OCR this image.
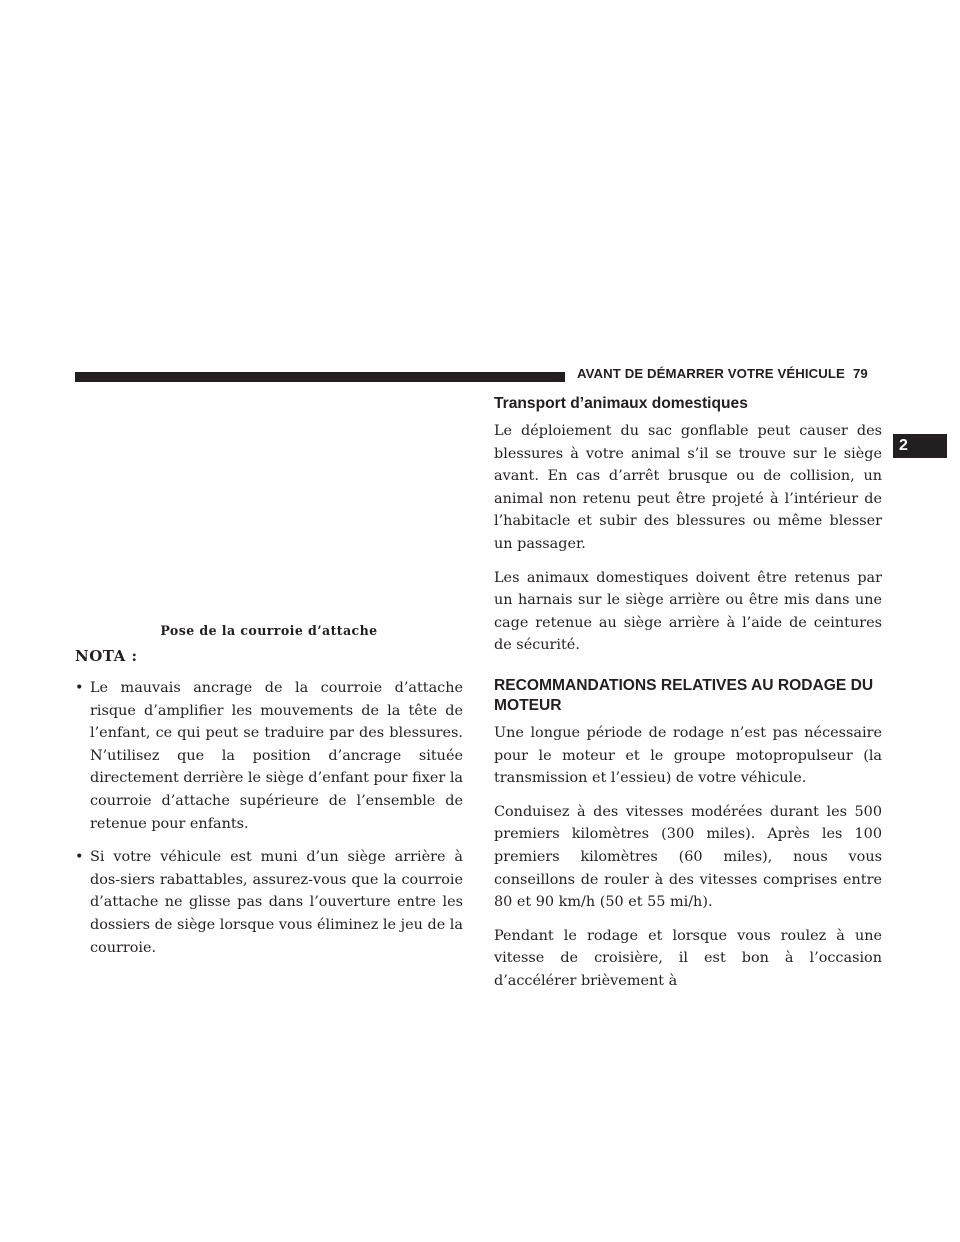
AVANT DE DÉMARRER VOTRE VÉHICULE 79
2
Pose de la courroie d’attache
NOTA :
• Le mauvais ancrage de la courroie d’attache risque d’amplifier les mouvements de la tête de l’enfant, ce qui peut se traduire par des blessures. N’utilisez que la position d’ancrage située directement derrière le siège d’enfant pour fixer la courroie d’attache supérieure de l’ensemble de retenue pour enfants.
• Si votre véhicule est muni d’un siège arrière à dos-siers rabattables, assurez-vous que la courroie d’attache ne glisse pas dans l’ouverture entre les dossiers de siège lorsque vous éliminez le jeu de la courroie.
Transport d’animaux domestiques

Le déploiement du sac gonflable peut causer des blessures à votre animal s’il se trouve sur le siège avant. En cas d’arrêt brusque ou de collision, un animal non retenu peut être projeté à l’intérieur de l’habitacle et subir des blessures ou même blesser un passager.

Les animaux domestiques doivent être retenus par un harnais sur le siège arrière ou être mis dans une cage retenue au siège arrière à l’aide de ceintures de sécurité.

RECOMMANDATIONS RELATIVES AU RODAGE DU MOTEUR

Une longue période de rodage n’est pas nécessaire pour le moteur et le groupe motopropulseur (la transmission et l’essieu) de votre véhicule.

Conduisez à des vitesses modérées durant les 500 premiers kilomètres (300 miles). Après les 100 premiers kilomètres (60 miles), nous vous conseillons de rouler à des vitesses comprises entre 80 et 90 km/h (50 et 55 mi/h).

Pendant le rodage et lorsque vous roulez à une vitesse de croisière, il est bon à l’occasion d’accélérer brièvement à
